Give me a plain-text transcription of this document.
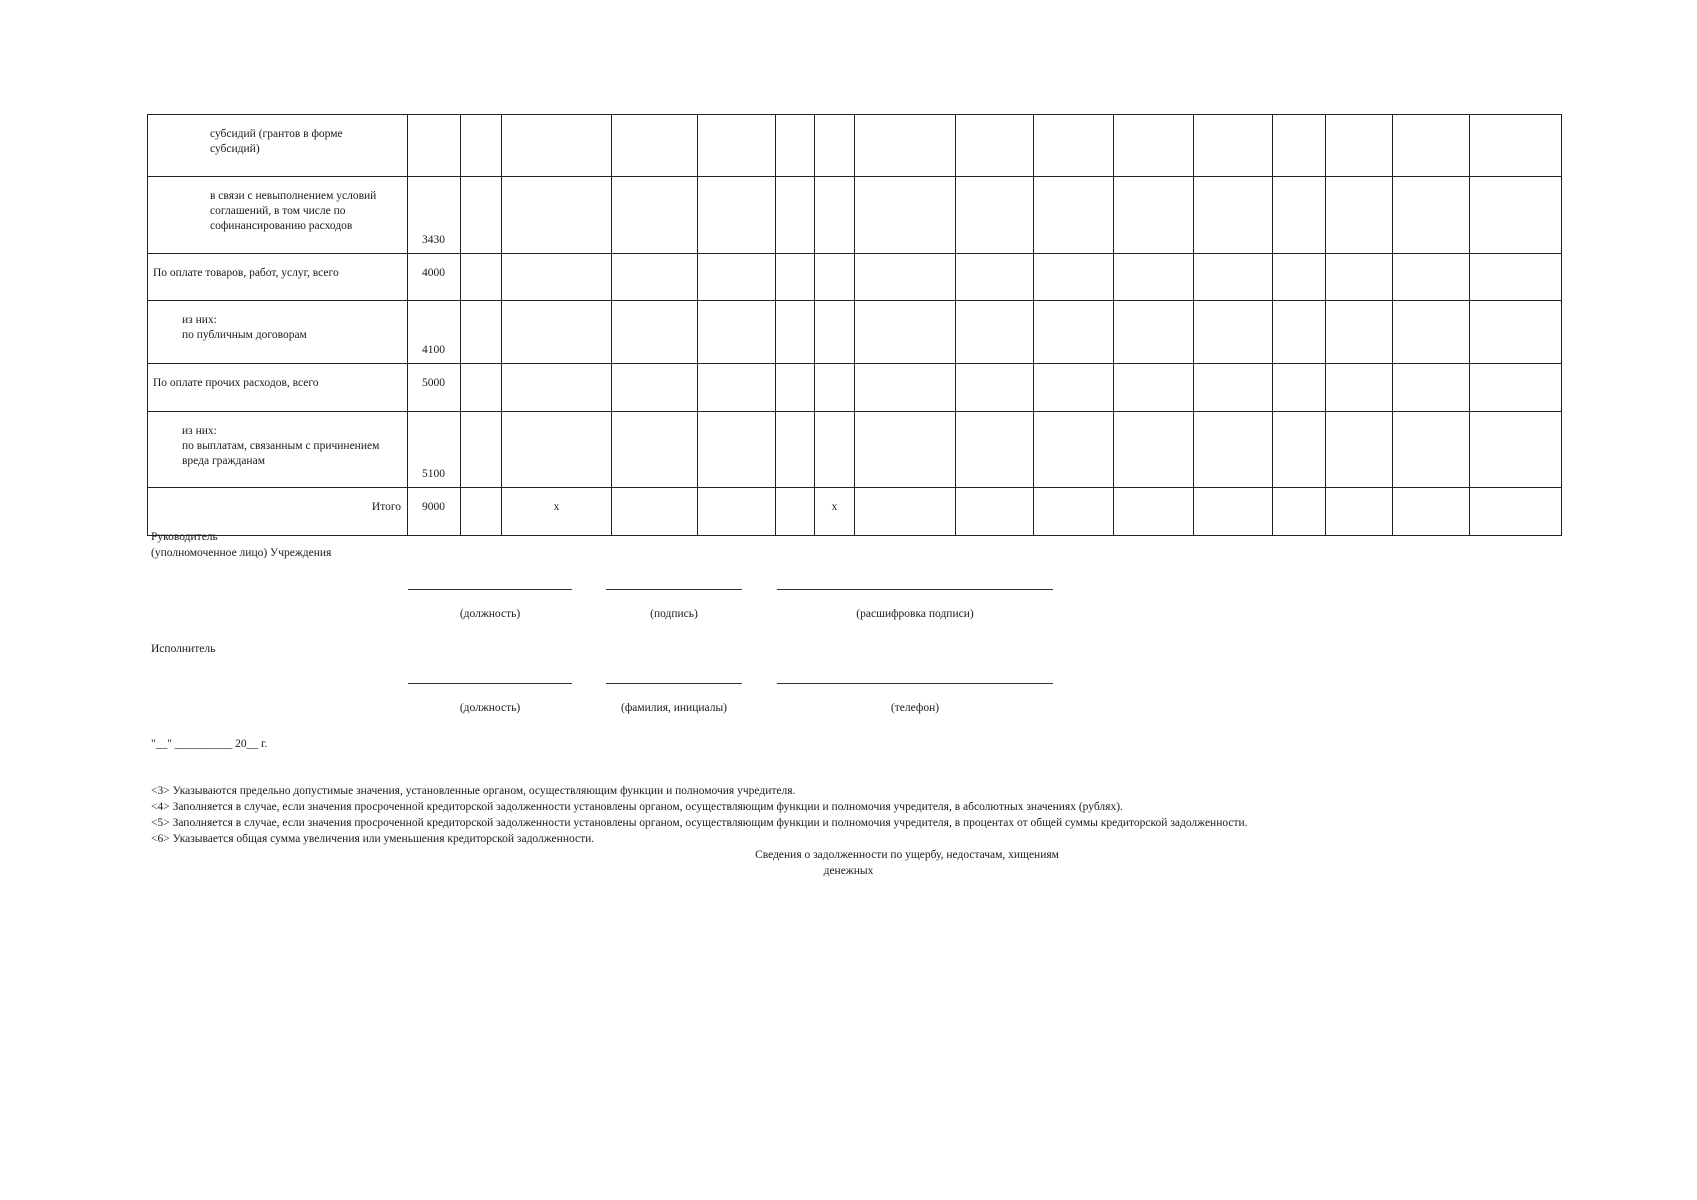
субсидий (грантов в форме
субсидий)																

в связи с невыполнением условий
соглашений, в том числе по
софинансированию расходов	3430															

По оплате товаров, работ, услуг, всего	4000															

из них:
по публичным договорам	4100															

По оплате прочих расходов, всего	5000															

из них:
по выплатам, связанным с причинением
вреда гражданам	5100															

Итого	9000		x				x									

Руководитель
(уполномоченное лицо) Учреждения
(должность)	(подпись)	(расшифровка подписи)
Исполнитель
(должность)	(фамилия, инициалы)	(телефон)
"__" __________ 20__ г.
<3> Указываются предельно допустимые значения, установленные органом, осуществляющим функции и полномочия учредителя.
<4> Заполняется в случае, если значения просроченной кредиторской задолженности установлены органом, осуществляющим функции и полномочия учредителя, в абсолютных значениях (рублях).
<5> Заполняется в случае, если значения просроченной кредиторской задолженности установлены органом, осуществляющим функции и полномочия учредителя, в процентах от общей суммы кредиторской задолженности.
<6> Указывается общая сумма увеличения или уменьшения кредиторской задолженности.
Сведения о задолженности по ущербу, недостачам, хищениям
денежных
